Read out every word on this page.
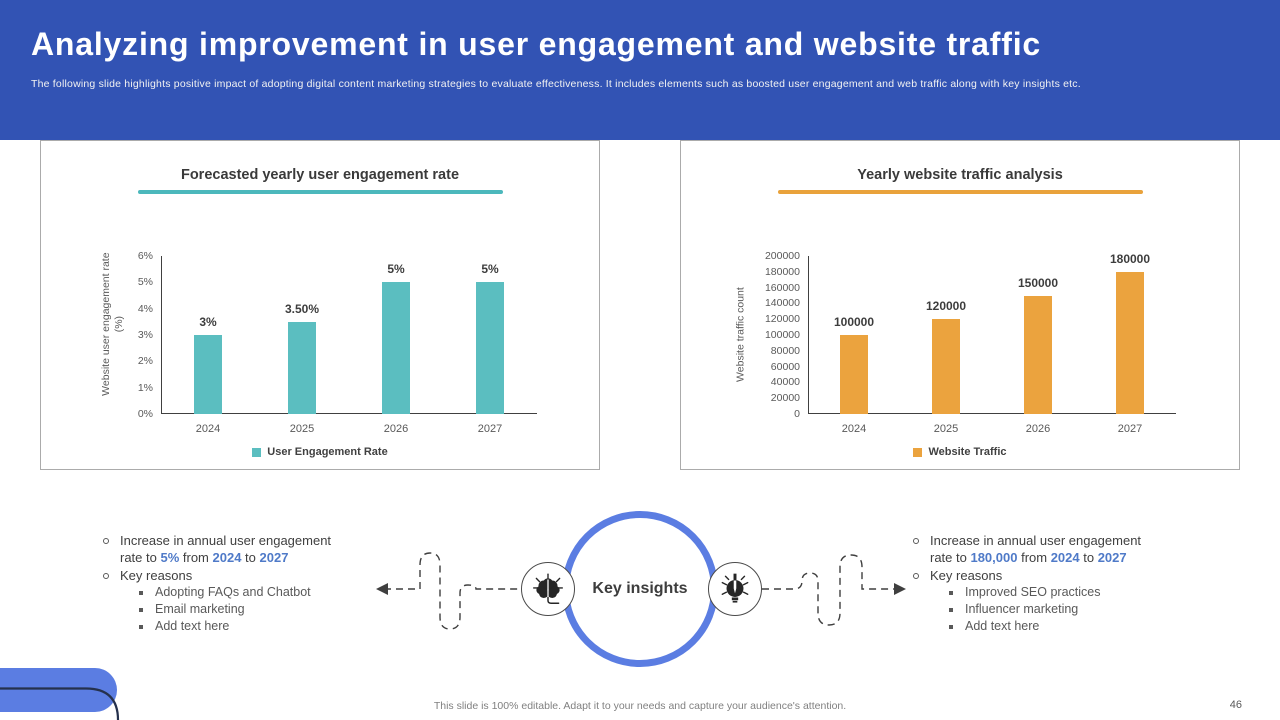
Analyzing improvement in user engagement and website traffic

The following slide highlights positive impact of adopting digital content marketing strategies to evaluate effectiveness. It includes elements such as boosted user engagement and web traffic along with key insights etc.

Forecasted yearly user engagement rate
Website user engagement rate (%)
User Engagement Rate
0%
1%
2%
3%
4%
5%
6%
3%
2024
3.50%
2025
5%
2026
5%
2027
Yearly website traffic analysis
Website traffic count
Website Traffic
0
20000
40000
60000
80000
100000
120000
140000
160000
180000
200000
100000
2024
120000
2025
150000
2026
180000
2027
Increase in annual user engagement rate to 5% from 2024 to 2027
Key reasons
Adopting FAQs and Chatbot
Email marketing
Add text here
Increase in annual user engagement rate to 180,000 from 2024 to 2027
Key reasons
Improved SEO practices
Influencer marketing
Add text here
Key insights
This slide is 100% editable. Adapt it to your needs and capture your audience's attention.	46
